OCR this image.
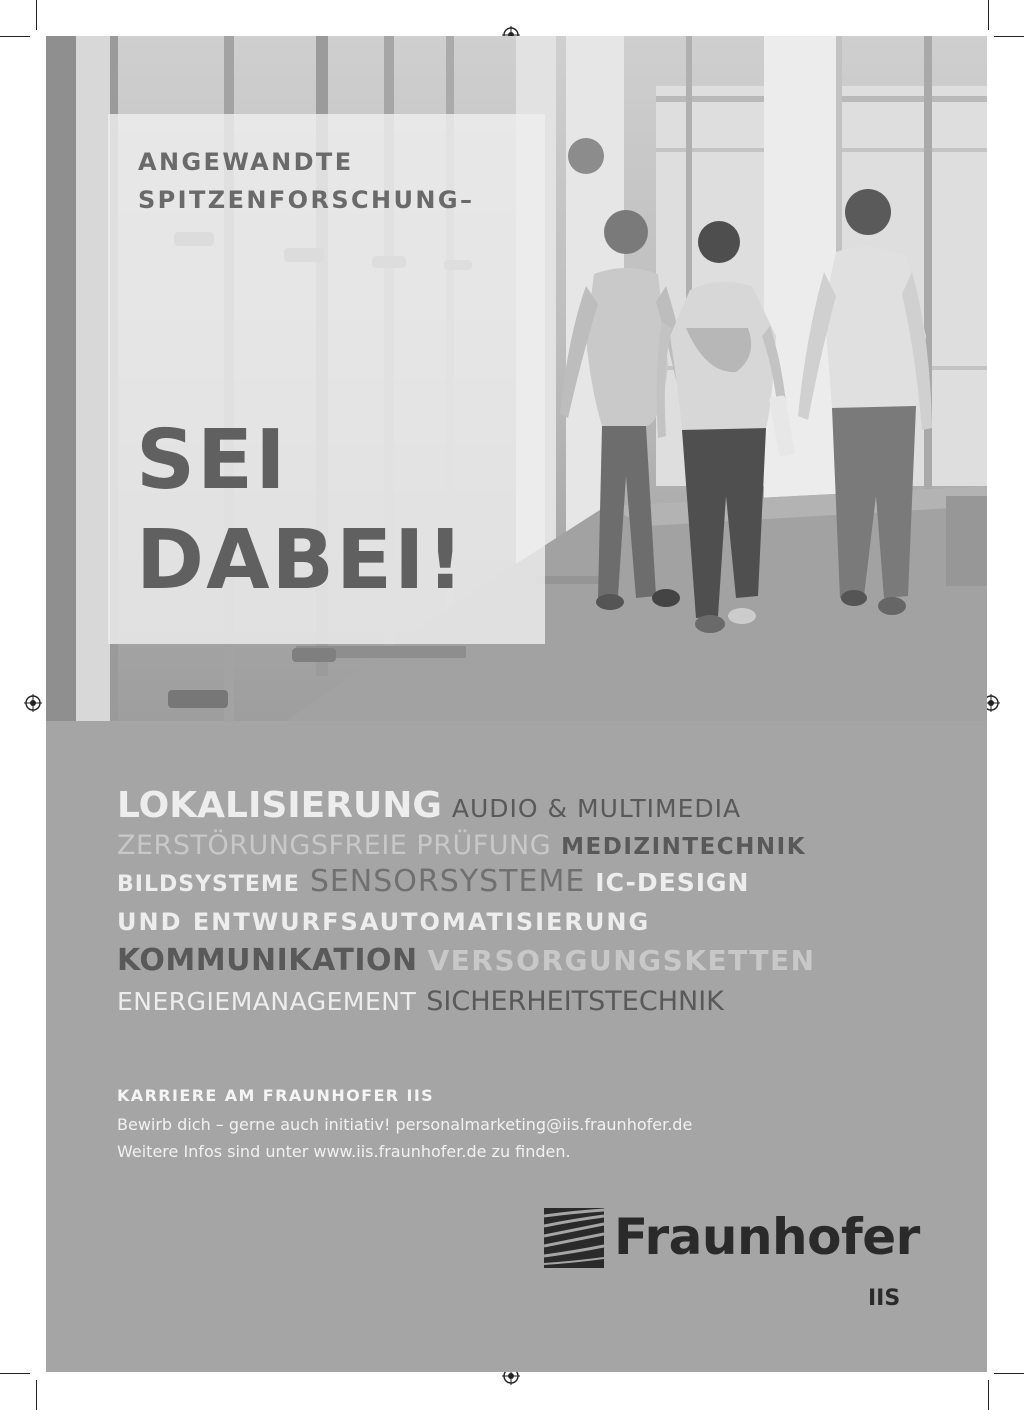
ANGEWANDTE
SPITZENFORSCHUNG–
SEI
DABEI!
LOKALISIERUNG AUDIO & MULTIMEDIA
ZERSTÖRUNGSFREIE PRÜFUNG MEDIZINTECHNIK
BILDSYSTEME SENSORSYSTEME IC-DESIGN
UND ENTWURFSAUTOMATISIERUNG
KOMMUNIKATION VERSORGUNGSKETTEN
ENERGIEMANAGEMENT SICHERHEITSTECHNIK
KARRIERE AM FRAUNHOFER IIS
Bewirb dich – gerne auch initiativ! personalmarketing@iis.fraunhofer.de
Weitere Infos sind unter www.iis.fraunhofer.de zu finden.
Fraunhofer
IIS
